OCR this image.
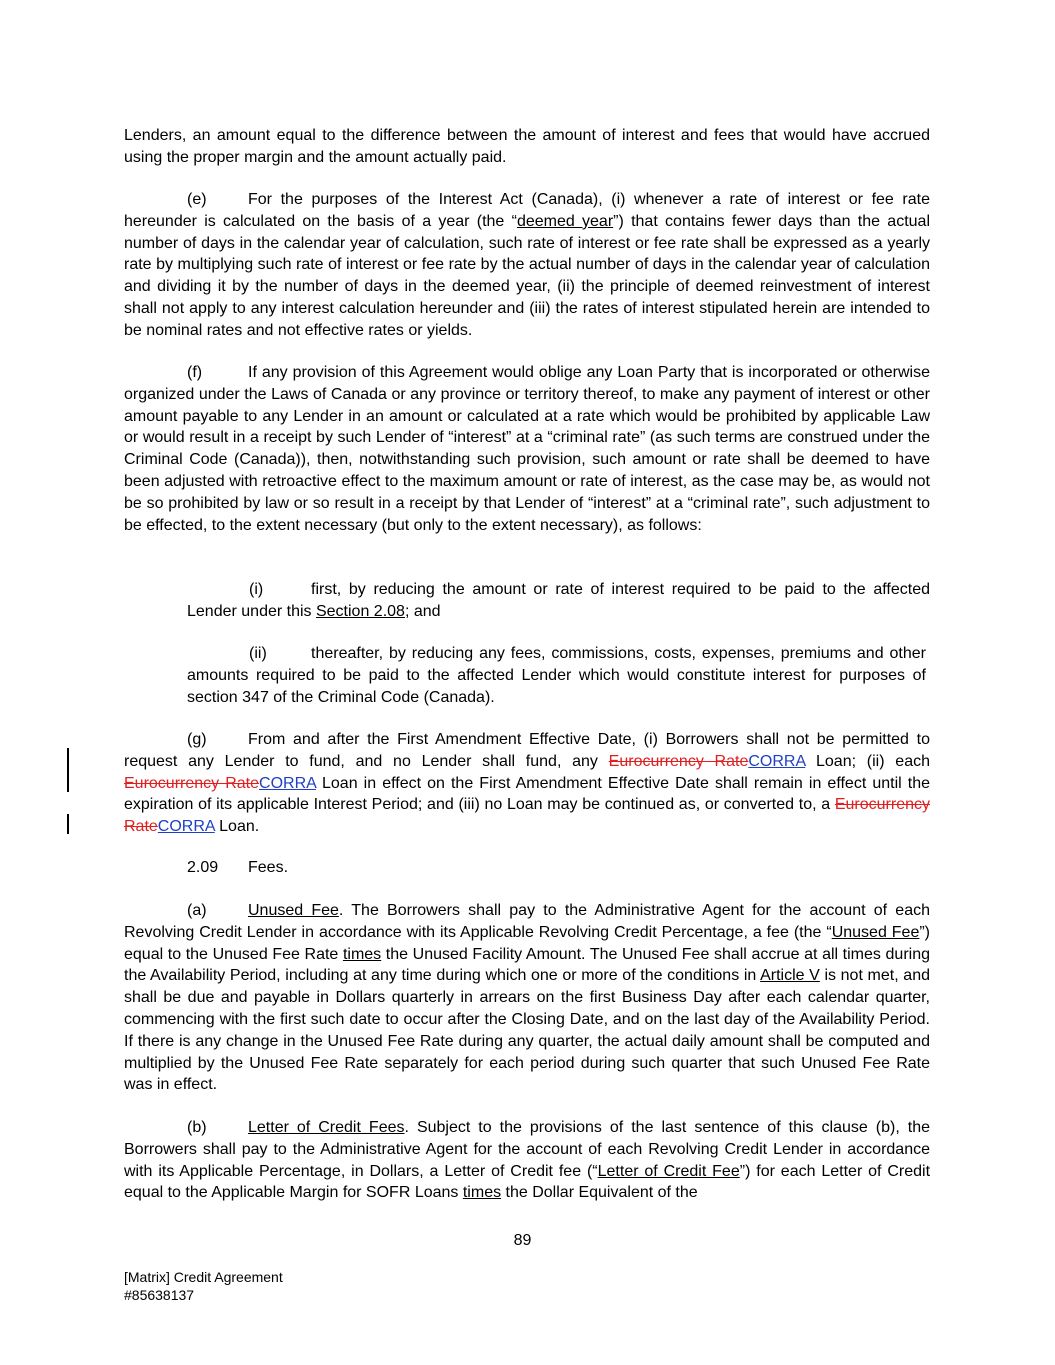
Lenders, an amount equal to the difference between the amount of interest and fees that would have accrued using the proper margin and the amount actually paid.

(e)	For the purposes of the Interest Act (Canada), (i) whenever a rate of interest or fee rate hereunder is calculated on the basis of a year (the “deemed year”) that contains fewer days than the actual number of days in the calendar year of calculation, such rate of interest or fee rate shall be expressed as a yearly rate by multiplying such rate of interest or fee rate by the actual number of days in the calendar year of calculation and dividing it by the number of days in the deemed year, (ii) the principle of deemed reinvestment of interest shall not apply to any interest calculation hereunder and (iii) the rates of interest stipulated herein are intended to be nominal rates and not effective rates or yields.

(f)	If any provision of this Agreement would oblige any Loan Party that is incorporated or otherwise organized under the Laws of Canada or any province or territory thereof, to make any payment of interest or other amount payable to any Lender in an amount or calculated at a rate which would be prohibited by applicable Law or would result in a receipt by such Lender of “interest” at a “criminal rate” (as such terms are construed under the Criminal Code (Canada)), then, notwithstanding such provision, such amount or rate shall be deemed to have been adjusted with retroactive effect to the maximum amount or rate of interest, as the case may be, as would not be so prohibited by law or so result in a receipt by that Lender of “interest” at a “criminal rate”, such adjustment to be effected, to the extent necessary (but only to the extent necessary), as follows:

(i)	first, by reducing the amount or rate of interest required to be paid to the affected Lender under this Section 2.08; and

(ii)	thereafter, by reducing any fees, commissions, costs, expenses, premiums and other amounts required to be paid to the affected Lender which would constitute interest for purposes of section 347 of the Criminal Code (Canada).

(g)	From and after the First Amendment Effective Date, (i) Borrowers shall not be permitted to request any Lender to fund, and no Lender shall fund, any Eurocurrency RateCORRA Loan; (ii) each Eurocurrency RateCORRA Loan in effect on the First Amendment Effective Date shall remain in effect until the expiration of its applicable Interest Period; and (iii) no Loan may be continued as, or converted to, a Eurocurrency RateCORRA Loan.

2.09 Fees.

(a)	Unused Fee. The Borrowers shall pay to the Administrative Agent for the account of each Revolving Credit Lender in accordance with its Applicable Revolving Credit Percentage, a fee (the “Unused Fee”) equal to the Unused Fee Rate times the Unused Facility Amount. The Unused Fee shall accrue at all times during the Availability Period, including at any time during which one or more of the conditions in Article V is not met, and shall be due and payable in Dollars quarterly in arrears on the first Business Day after each calendar quarter, commencing with the first such date to occur after the Closing Date, and on the last day of the Availability Period. If there is any change in the Unused Fee Rate during any quarter, the actual daily amount shall be computed and multiplied by the Unused Fee Rate separately for each period during such quarter that such Unused Fee Rate was in effect.

(b)	Letter of Credit Fees. Subject to the provisions of the last sentence of this clause (b), the Borrowers shall pay to the Administrative Agent for the account of each Revolving Credit Lender in accordance with its Applicable Percentage, in Dollars, a Letter of Credit fee (“Letter of Credit Fee”) for each Letter of Credit equal to the Applicable Margin for SOFR Loans times the Dollar Equivalent of the

89
[Matrix] Credit Agreement
#85638137
